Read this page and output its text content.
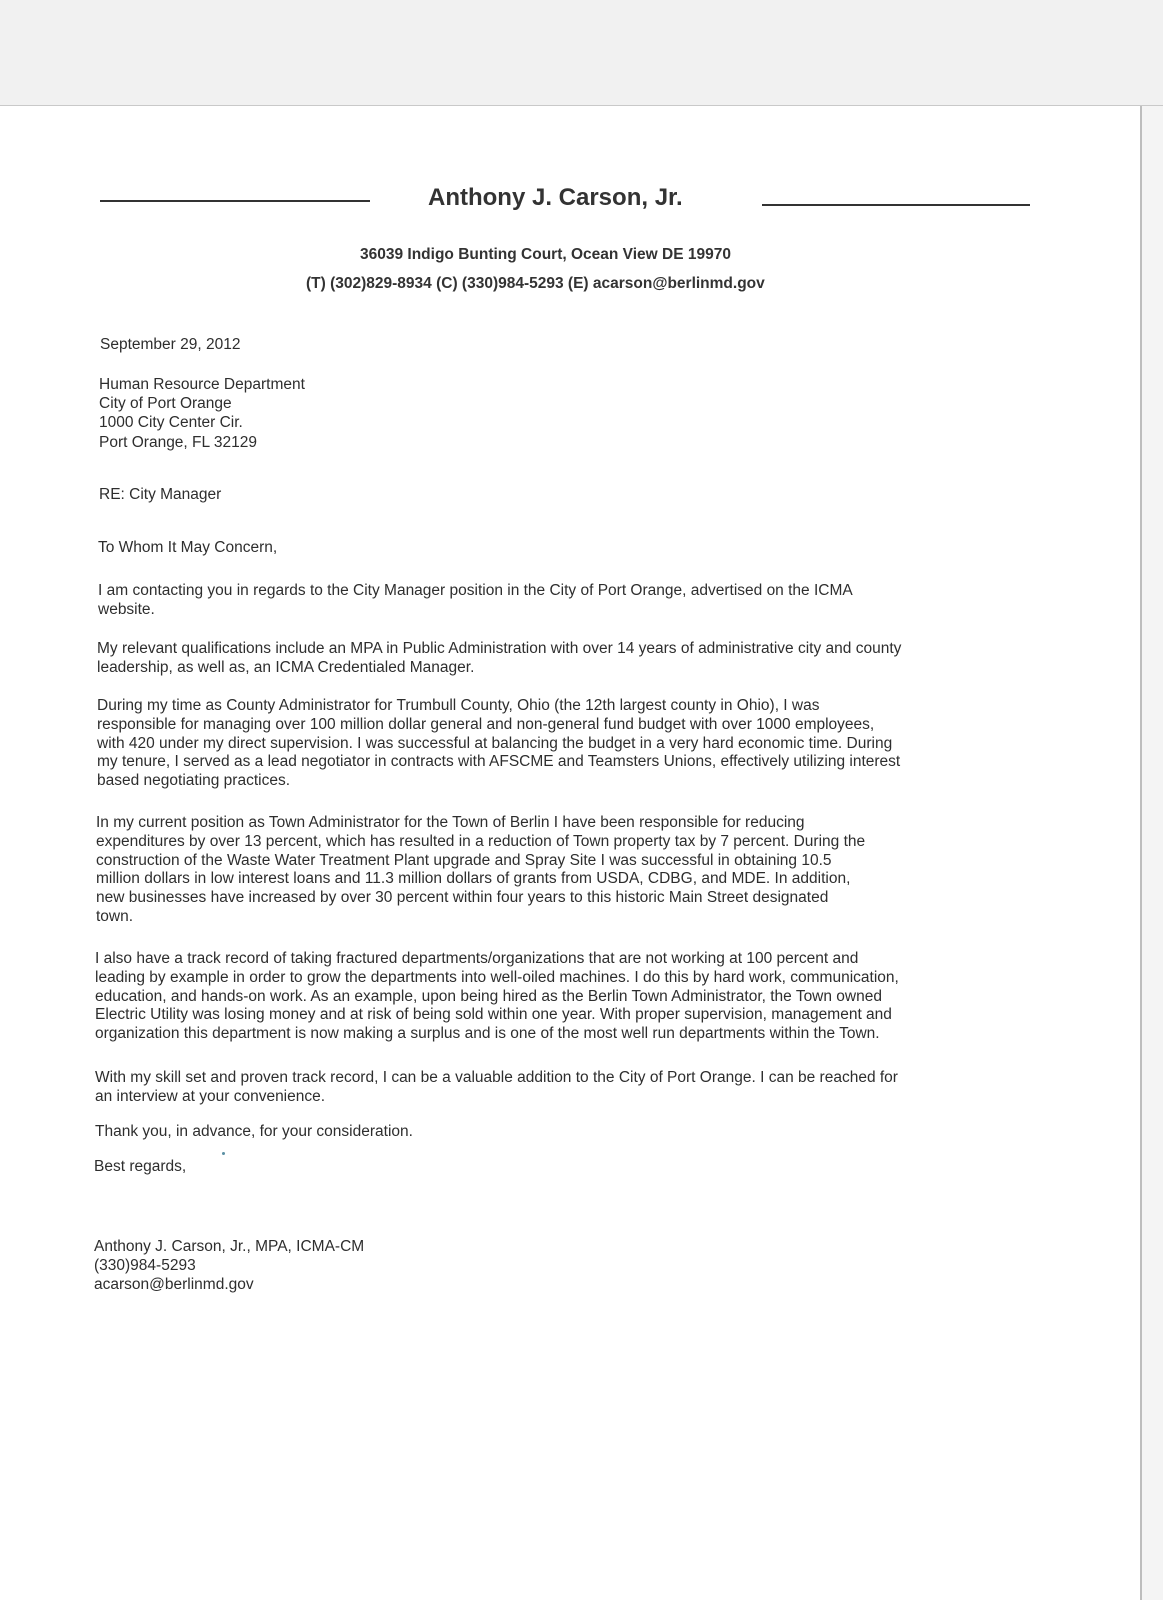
Anthony J. Carson, Jr.
36039 Indigo Bunting Court, Ocean View DE 19970
(T) (302)829-8934 (C) (330)984-5293 (E) acarson@berlinmd.gov
September 29, 2012
Human Resource Department
City of Port Orange
1000 City Center Cir.
Port Orange, FL 32129
RE: City Manager
To Whom It May Concern,
I am contacting you in regards to the City Manager position in the City of Port Orange, advertised on the ICMA
website.
My relevant qualifications include an MPA in Public Administration with over 14 years of administrative city and county
leadership, as well as, an ICMA Credentialed Manager.
During my time as County Administrator for Trumbull County, Ohio (the 12th largest county in Ohio), I was
responsible for managing over 100 million dollar general and non-general fund budget with over 1000 employees,
with 420 under my direct supervision. I was successful at balancing the budget in a very hard economic time. During
my tenure, I served as a lead negotiator in contracts with AFSCME and Teamsters Unions, effectively utilizing interest
based negotiating practices.
In my current position as Town Administrator for the Town of Berlin I have been responsible for reducing
expenditures by over 13 percent, which has resulted in a reduction of Town property tax by 7 percent. During the
construction of the Waste Water Treatment Plant upgrade and Spray Site I was successful in obtaining 10.5
million dollars in low interest loans and 11.3 million dollars of grants from USDA, CDBG, and MDE. In addition,
new businesses have increased by over 30 percent within four years to this historic Main Street designated
town.
I also have a track record of taking fractured departments/organizations that are not working at 100 percent and
leading by example in order to grow the departments into well-oiled machines. I do this by hard work, communication,
education, and hands-on work. As an example, upon being hired as the Berlin Town Administrator, the Town owned
Electric Utility was losing money and at risk of being sold within one year. With proper supervision, management and
organization this department is now making a surplus and is one of the most well run departments within the Town.
With my skill set and proven track record, I can be a valuable addition to the City of Port Orange. I can be reached for
an interview at your convenience.
Thank you, in advance, for your consideration.
Best regards,
Anthony J. Carson, Jr., MPA, ICMA-CM
(330)984-5293
acarson@berlinmd.gov
